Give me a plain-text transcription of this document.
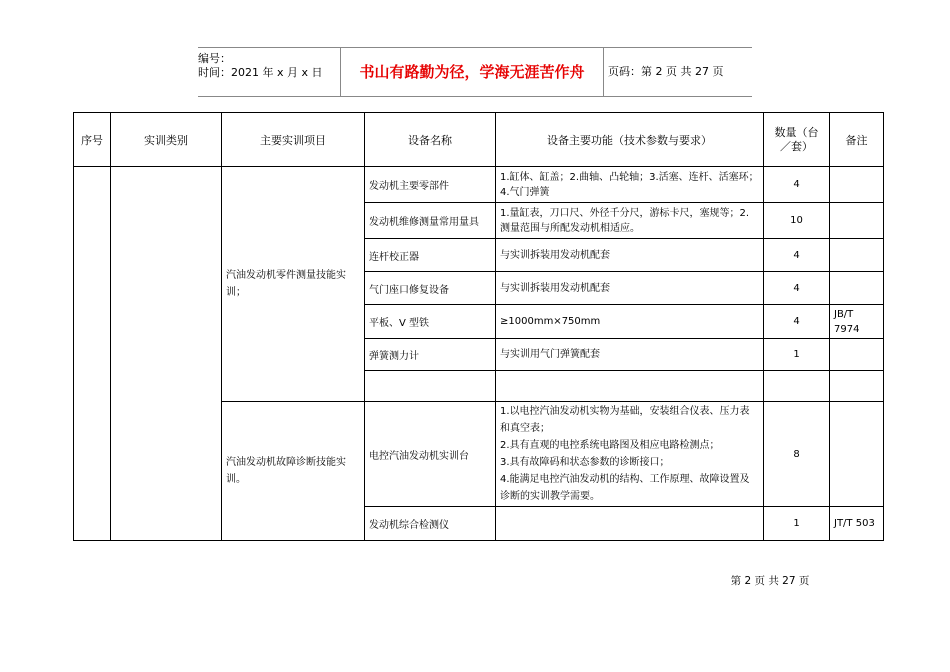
编号：
时间：2021 年 x 月 x 日	书山有路勤为径，学海无涯苦作舟	页码：第 2 页 共 27 页
序号	实训类别	主要实训项目	设备名称	设备主要功能（技术参数与要求）	数量（台／套）	备注
		汽油发动机零件测量技能实训；	发动机主要零部件	1.缸体、缸盖；2.曲轴、凸轮轴；3.活塞、连杆、活塞环；4.气门弹簧	4	
			发动机维修测量常用量具	1.量缸表，刀口尺、外径千分尺，游标卡尺，塞规等；2.测量范围与所配发动机相适应。	10	
			连杆校正器	与实训拆装用发动机配套	4	
			气门座口修复设备	与实训拆装用发动机配套	4	
			平板、V 型铁	≥1000mm×750mm	4	JB/T 7974
			弹簧测力计	与实训用气门弹簧配套	1	

		汽油发动机故障诊断技能实训。	电控汽油发动机实训台	1.以电控汽油发动机实物为基础，安装组合仪表、压力表和真空表；
2.具有直观的电控系统电路图及相应电路检测点；
3.具有故障码和状态参数的诊断接口；
4.能满足电控汽油发动机的结构、工作原理、故障设置及诊断的实训教学需要。	8	
			发动机综合检测仪		1	JT/T 503
第 2 页 共 27 页
